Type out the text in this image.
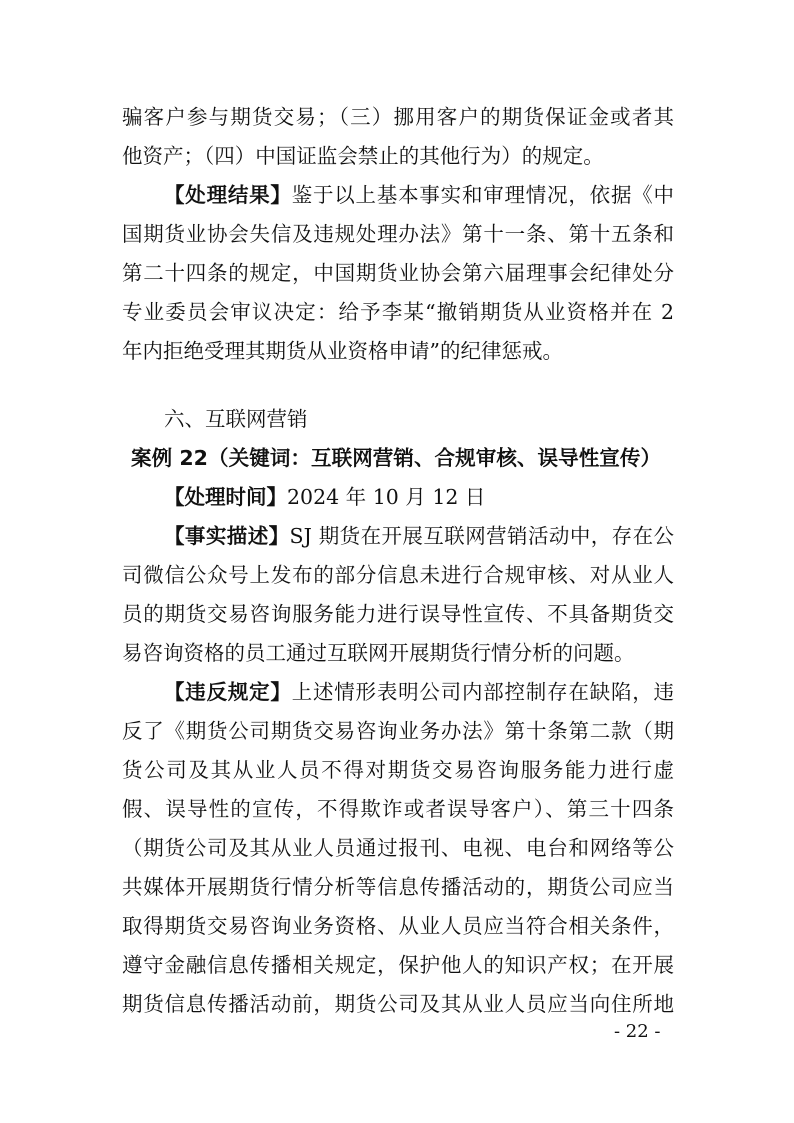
骗客户参与期货交易；（三）挪用客户的期货保证金或者其
他资产；（四）中国证监会禁止的其他行为）的规定。
【处理结果】鉴于以上基本事实和审理情况，依据《中
国期货业协会失信及违规处理办法》第十一条、第十五条和
第二十四条的规定，中国期货业协会第六届理事会纪律处分
专业委员会审议决定：给予李某“撤销期货从业资格并在 2
年内拒绝受理其期货从业资格申请”的纪律惩戒。
六、互联网营销
案例 22（关键词：互联网营销、合规审核、误导性宣传）
【处理时间】2024 年 10 月 12 日
【事实描述】SJ 期货在开展互联网营销活动中，存在公
司微信公众号上发布的部分信息未进行合规审核、对从业人
员的期货交易咨询服务能力进行误导性宣传、不具备期货交
易咨询资格的员工通过互联网开展期货行情分析的问题。
【违反规定】上述情形表明公司内部控制存在缺陷，违
反了《期货公司期货交易咨询业务办法》第十条第二款（期
货公司及其从业人员不得对期货交易咨询服务能力进行虚
假、误导性的宣传，不得欺诈或者误导客户）、第三十四条
（期货公司及其从业人员通过报刊、电视、电台和网络等公
共媒体开展期货行情分析等信息传播活动的，期货公司应当
取得期货交易咨询业务资格、从业人员应当符合相关条件，
遵守金融信息传播相关规定，保护他人的知识产权；在开展
期货信息传播活动前，期货公司及其从业人员应当向住所地
- 22 -
